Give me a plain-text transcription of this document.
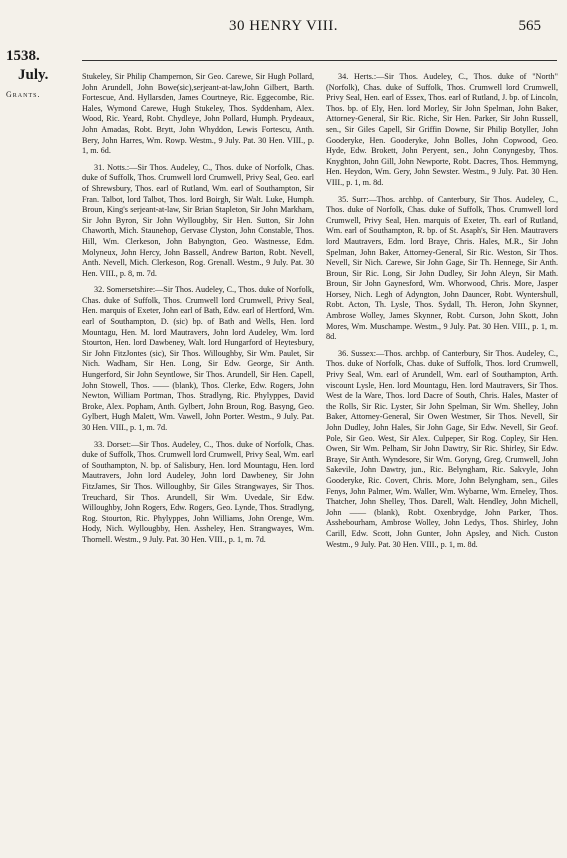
30 HENRY VIII.	565
1538.
July.
Grants.

Stukeley, Sir Philip Champernon, Sir Geo. Carewe, Sir Hugh Pollard, John Arundell, John Bowe(sic),serjeant-at-law,John Gilbert, Barth. Fortescue, And. Hyllarsden, James Courtneye, Ric. Eggecombe, Ric. Hales, Wymond Carewe, Hugh Stukeley, Thos. Syddenham, Alex. Wood, Ric. Yeard, Robt. Chydleye, John Pollard, Humph. Prydeaux, John Amadas, Robt. Brytt, John Whyddon, Lewis Fortescu, Anth. Bery, John Harres, Wm. Rowp. Westm., 9 July. Pat. 30 Hen. VIII., p. 1, m. 6d.

31. Notts.:—Sir Thos. Audeley, C., Thos. duke of Norfolk, Chas. duke of Suffolk, Thos. Crumwell lord Crumwell, Privy Seal, Geo. earl of Shrewsbury, Thos. earl of Rutland, Wm. earl of Southampton, Sir Fran. Talbot, lord Talbot, Thos. lord Boirgh, Sir Walt. Luke, Humph. Broun, King's serjeant-at-law, Sir Brian Stapleton, Sir John Markham, Sir John Byron, Sir John Wyllougbby, Sir Hen. Sutton, Sir John Chaworth, Mich. Staunehop, Gervase Clyston, John Constable, Thos. Hill, Wm. Clerkeson, John Babyngton, Geo. Wastnesse, Edm. Molyneux, John Hercy, John Bassell, Andrew Barton, Robt. Nevell, Anth. Nevell, Mich. Clerkeson, Rog. Grenall. Westm., 9 July. Pat. 30 Hen. VIII., p. 8, m. 7d.

32. Somersetshire:—Sir Thos. Audeley, C., Thos. duke of Norfolk, Chas. duke of Suffolk, Thos. Crumwell lord Crumwell, Privy Seal, Hen. marquis of Exeter, John earl of Bath, Edw. earl of Hertford, Wm. earl of Southampton, D. (sic) bp. of Bath and Wells, Hen. lord Mountagu, Hen. M. lord Mautravers, John lord Audeley, Wm. lord Stourton, Hen. lord Dawbeney, Walt. lord Hungarford of Heytesbury, Sir John FitzJontes (sic), Sir Thos. Willoughby, Sir Wm. Paulet, Sir Nich. Wadham, Sir Hen. Long, Sir Edw. George, Sir Anth. Hungerford, Sir John Seyntlowe, Sir Thos. Arundell, Sir Hen. Capell, John Stowell, Thos. —— (blank), Thos. Clerke, Edw. Rogers, John Newton, William Portman, Thos. Stradlyng, Ric. Phylyppes, David Broke, Alex. Popham, Anth. Gylbert, John Broun, Rog. Basyng, Geo. Gylbert, Hugh Malett, Wm. Vawell, John Porter. Westm., 9 July. Pat. 30 Hen. VIII., p. 1, m. 7d.

33. Dorset:—Sir Thos. Audeley, C., Thos. duke of Norfolk, Chas. duke of Suffolk, Thos. Crumwell lord Crumwell, Privy Seal, Wm. earl of Southampton, N. bp. of Salisbury, Hen. lord Mountagu, Hen. lord Mautravers, John lord Audeley, John lord Dawbeney, Sir John FitzJames, Sir Thos. Willoughby, Sir Giles Strangwayes, Sir Thos. Treuchard, Sir Thos. Arundell, Sir Wm. Uvedale, Sir Edw. Willoughby, John Rogers, Edw. Rogers, Geo. Lynde, Thos. Stradlyng, Rog. Stourton, Ric. Phylyppes, John Williams, John Orenge, Wm. Hody, Nich. Wyllougbby, Hen. Assheley, Hen. Strangwayes, Wm. Thornell. Westm., 9 July. Pat. 30 Hen. VIII., p. 1, m. 7d.

34. Herts.:—Sir Thos. Audeley, C., Thos. duke of "North" (Norfolk), Chas. duke of Suffolk, Thos. Crumwell lord Crumwell, Privy Seal, Hen. earl of Essex, Thos. earl of Rutland, J. bp. of Lincoln, Thos. bp. of Ely, Hen. lord Morley, Sir John Spelman, John Baker, Attorney-General, Sir Ric. Riche, Sir Hen. Parker, Sir John Russell, sen., Sir Giles Capell, Sir Griffin Downe, Sir Philip Botyller, John Gooderyke, Hen. Gooderyke, John Bolles, John Copwood, Geo. Hyde, Edw. Brokett, John Peryent, sen., John Conyngesby, Thos. Knyghton, John Gill, John Newporte, Robt. Dacres, Thos. Hemmyng, Hen. Heydon, Wm. Gery, John Sewster. Westm., 9 July. Pat. 30 Hen. VIII., p. 1, m. 8d.

35. Surr:—Thos. archbp. of Canterbury, Sir Thos. Audeley, C., Thos. duke of Norfolk, Chas. duke of Suffolk, Thos. Crumwell lord Crumwell, Privy Seal, Hen. marquis of Exeter, Th. earl of Rutland, Wm. earl of Southampton, R. bp. of St. Asaph's, Sir Hen. Mautravers lord Mautravers, Edm. lord Braye, Chris. Hales, M.R., Sir John Spelman, John Baker, Attorney-General, Sir Ric. Weston, Sir Thos. Nevell, Sir Nich. Carewe, Sir John Gage, Sir Th. Hennege, Sir Anth. Broun, Sir Ric. Long, Sir John Dudley, Sir John Aleyn, Sir Math. Broun, Sir John Gaynesford, Wm. Whorwood, Chris. More, Jasper Horsey, Nich. Legh of Adyngton, John Dauncer, Robt. Wyntershull, Robt. Acton, Th. Lysle, Thos. Sydall, Th. Heron, John Skynner, Ambrose Wolley, James Skynner, Robt. Curson, John Skott, John Mores, Wm. Muschampe. Westm., 9 July. Pat. 30 Hen. VIII., p. 1, m. 8d.

36. Sussex:—Thos. archbp. of Canterbury, Sir Thos. Audeley, C., Thos. duke of Norfolk, Chas. duke of Suffolk, Thos. lord Crumwell, Privy Seal, Wm. earl of Arundell, Wm. earl of Southampton, Arth. viscount Lysle, Hen. lord Mountagu, Hen. lord Mautravers, Sir Thos. West de la Ware, Thos. lord Dacre of South, Chris. Hales, Master of the Rolls, Sir Ric. Lyster, Sir John Spelman, Sir Wm. Shelley, John Baker, Attorney-General, Sir Owen Westmer, Sir Thos. Nevell, Sir John Dudley, John Hales, Sir John Gage, Sir Edw. Nevell, Sir Geof. Pole, Sir Geo. West, Sir Alex. Culpeper, Sir Rog. Copley, Sir Hen. Owen, Sir Wm. Pelham, Sir John Dawtry, Sir Ric. Shirley, Sir Edw. Braye, Sir Anth. Wyndesore, Sir Wm. Goryng, Greg. Crumwell, John Sakevile, John Dawtry, jun., Ric. Belyngham, Ric. Sakvyle, John Gooderyke, Ric. Covert, Chris. More, John Belyngham, sen., Giles Fenys, John Palmer, Wm. Waller, Wm. Wybarne, Wm. Erneley, Thos. Thatcher, John Shelley, Thos. Darell, Walt. Hendley, John Michell, John —— (blank), Robt. Oxenbrydge, John Parker, Thos. Asshebourham, Ambrose Wolley, John Ledys, Thos. Shirley, John Carill, Edw. Scott, John Gunter, John Apsley, and Nich. Custon Westm., 9 July. Pat. 30 Hen. VIII., p. 1, m. 8d.
